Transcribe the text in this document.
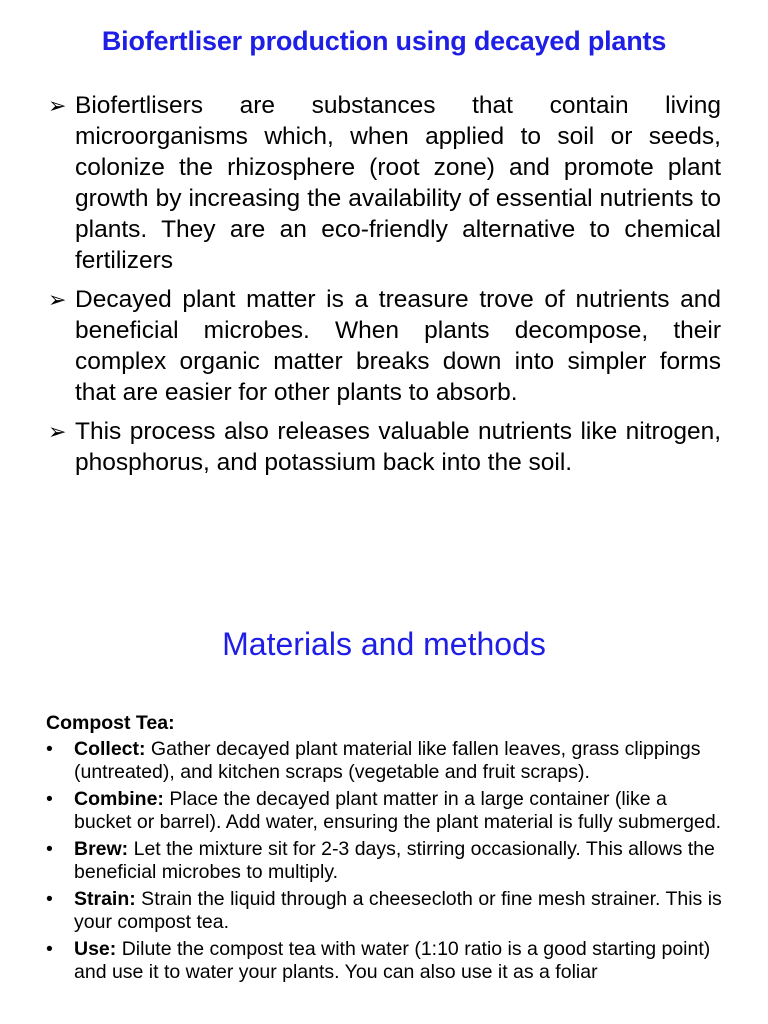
Biofertliser production using decayed plants
➢ Biofertlisers are substances that contain living microorganisms which, when applied to soil or seeds, colonize the rhizosphere (root zone) and promote plant growth by increasing the availability of essential nutrients to plants. They are an eco-friendly alternative to chemical fertilizers
➢ Decayed plant matter is a treasure trove of nutrients and beneficial microbes. When plants decompose, their complex organic matter breaks down into simpler forms that are easier for other plants to absorb.
➢ This process also releases valuable nutrients like nitrogen, phosphorus, and potassium back into the soil.
Materials and methods
Compost Tea:
• Collect: Gather decayed plant material like fallen leaves, grass clippings (untreated), and kitchen scraps (vegetable and fruit scraps).
• Combine: Place the decayed plant matter in a large container (like a bucket or barrel). Add water, ensuring the plant material is fully submerged.
• Brew: Let the mixture sit for 2-3 days, stirring occasionally. This allows the beneficial microbes to multiply.
• Strain: Strain the liquid through a cheesecloth or fine mesh strainer. This is your compost tea.
• Use: Dilute the compost tea with water (1:10 ratio is a good starting point) and use it to water your plants. You can also use it as a foliar
